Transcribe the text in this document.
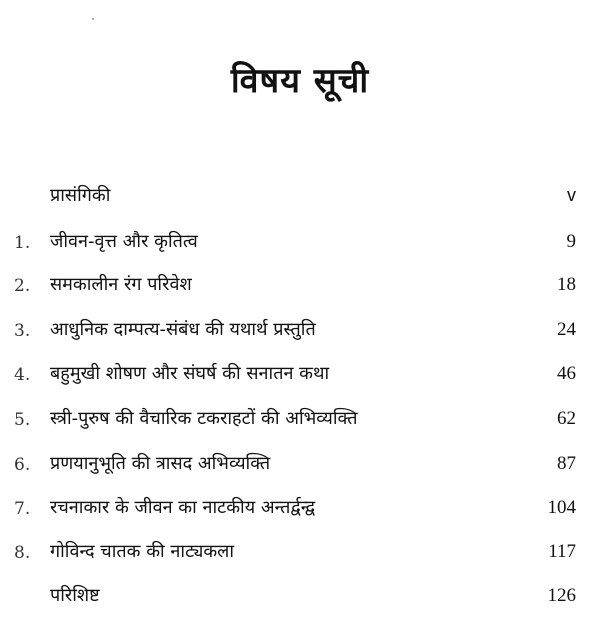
विषय सूची
प्रासंगिकी	v
1.	जीवन-वृत्त और कृतित्व	9
2.	समकालीन रंग परिवेश	18
3.	आधुनिक दाम्पत्य-संबंध की यथार्थ प्रस्तुति	24
4.	बहुमुखी शोषण और संघर्ष की सनातन कथा	46
5.	स्त्री-पुरुष की वैचारिक टकराहटों की अभिव्यक्ति	62
6.	प्रणयानुभूति की त्रासद अभिव्यक्ति	87
7.	रचनाकार के जीवन का नाटकीय अन्तर्द्वन्द्व	104
8.	गोविन्द चातक की नाट्यकला	117
परिशिष्ट	126
